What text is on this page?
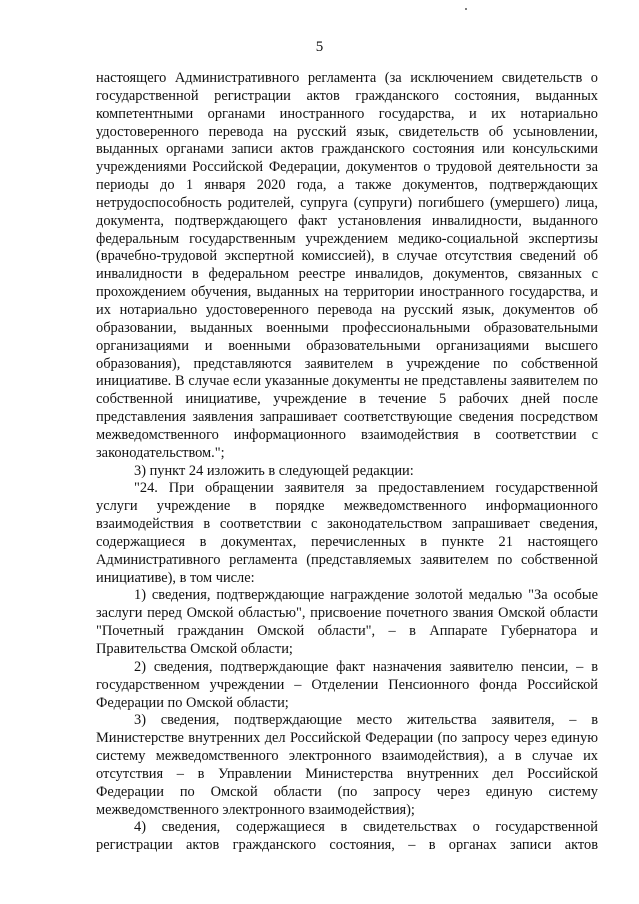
5

настоящего Административного регламента (за исключением свидетельств о государственной регистрации актов гражданского состояния, выданных компетентными органами иностранного государства, и их нотариально удостоверенного перевода на русский язык, свидетельств об усыновлении, выданных органами записи актов гражданского состояния или консульскими учреждениями Российской Федерации, документов о трудовой деятельности за периоды до 1 января 2020 года, а также документов, подтверждающих нетрудоспособность родителей, супруга (супруги) погибшего (умершего) лица, документа, подтверждающего факт установления инвалидности, выданного федеральным государственным учреждением медико-социальной экспертизы (врачебно-трудовой экспертной комиссией), в случае отсутствия сведений об инвалидности в федеральном реестре инвалидов, документов, связанных с прохождением обучения, выданных на территории иностранного государства, и их нотариально удостоверенного перевода на русский язык, документов об образовании, выданных военными профессиональными образовательными организациями и военными образовательными организациями высшего образования), представляются заявителем в учреждение по собственной инициативе. В случае если указанные документы не представлены заявителем по собственной инициативе, учреждение в течение 5 рабочих дней после представления заявления запрашивает соответствующие сведения посредством межведомственного информационного взаимодействия в соответствии с законодательством.";

3) пункт 24 изложить в следующей редакции:

"24. При обращении заявителя за предоставлением государственной услуги учреждение в порядке межведомственного информационного взаимодействия в соответствии с законодательством запрашивает сведения, содержащиеся в документах, перечисленных в пункте 21 настоящего Административного регламента (представляемых заявителем по собственной инициативе), в том числе:

1) сведения, подтверждающие награждение золотой медалью "За особые заслуги перед Омской областью", присвоение почетного звания Омской области "Почетный гражданин Омской области", – в Аппарате Губернатора и Правительства Омской области;

2) сведения, подтверждающие факт назначения заявителю пенсии, – в государственном учреждении – Отделении Пенсионного фонда Российской Федерации по Омской области;

3) сведения, подтверждающие место жительства заявителя, – в Министерстве внутренних дел Российской Федерации (по запросу через единую систему межведомственного электронного взаимодействия), а в случае их отсутствия – в Управлении Министерства внутренних дел Российской Федерации по Омской области (по запросу через единую систему межведомственного электронного взаимодействия);

4) сведения, содержащиеся в свидетельствах о государственной регистрации актов гражданского состояния, – в органах записи актов
